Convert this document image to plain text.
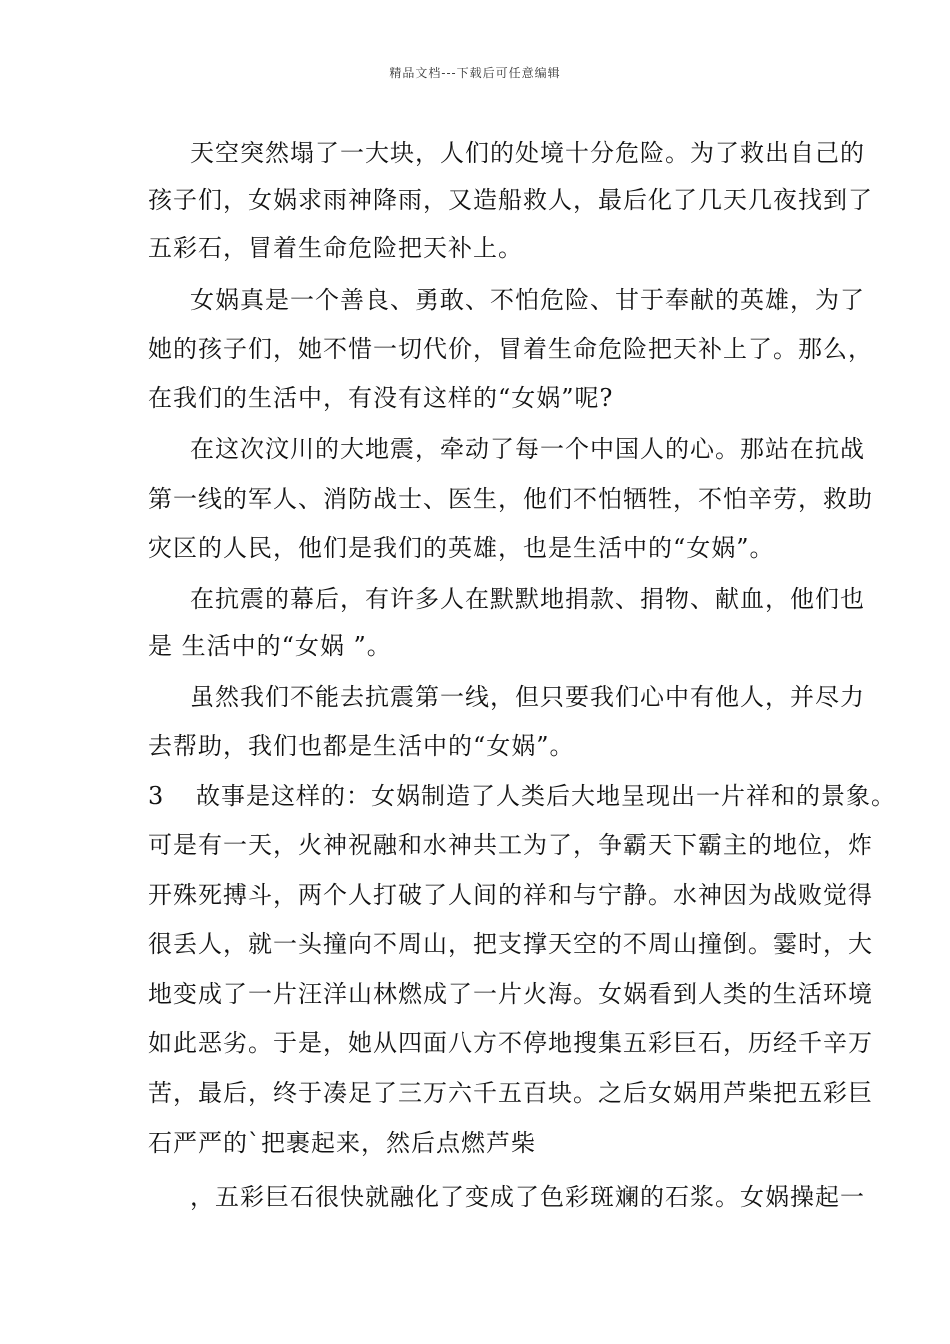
精品文档---下载后可任意编辑
天空突然塌了一大块，人们的处境十分危险。为了救出自己的
孩子们，女娲求雨神降雨，又造船救人，最后化了几天几夜找到了
五彩石，冒着生命危险把天补上。
女娲真是一个善良、勇敢、不怕危险、甘于奉献的英雄，为了
她的孩子们，她不惜一切代价，冒着生命危险把天补上了。那么，
在我们的生活中，有没有这样的“女娲”呢?
在这次汶川的大地震，牵动了每一个中国人的心。那站在抗战
第一线的军人、消防战士、医生，他们不怕牺牲，不怕辛劳，救助
灾区的人民，他们是我们的英雄，也是生活中的“女娲”。
在抗震的幕后，有许多人在默默地捐款、捐物、献血，他们也
是 生活中的“女娲 ”。
虽然我们不能去抗震第一线，但只要我们心中有他人，并尽力
去帮助，我们也都是生活中的“女娲”。
3 故事是这样的：女娲制造了人类后大地呈现出一片祥和的景象。
可是有一天，火神祝融和水神共工为了，争霸天下霸主的地位，炸
开殊死搏斗，两个人打破了人间的祥和与宁静。水神因为战败觉得
很丢人，就一头撞向不周山，把支撑天空的不周山撞倒。霎时，大
地变成了一片汪洋山林燃成了一片火海。女娲看到人类的生活环境
如此恶劣。于是，她从四面八方不停地搜集五彩巨石，历经千辛万
苦，最后，终于凑足了三万六千五百块。之后女娲用芦柴把五彩巨
石严严的`把裹起来，然后点燃芦柴
，五彩巨石很快就融化了变成了色彩斑斓的石浆。女娲操起一
